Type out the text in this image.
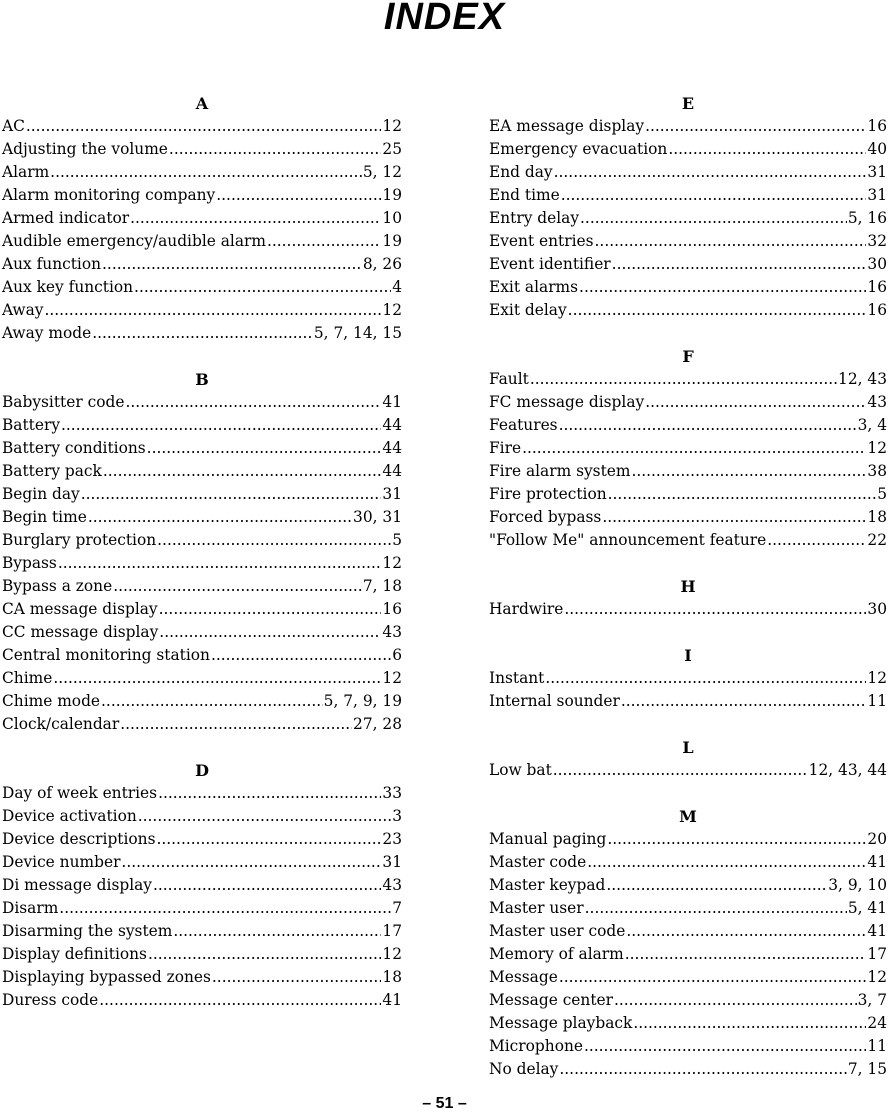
INDEX
A
AC .....	12
Adjusting the volume .....	25
Alarm .....	5, 12
Alarm monitoring company .....	19
Armed indicator .....	10
Audible emergency/audible alarm .....	19
Aux function .....	8, 26
Aux key function .....	4
Away .....	12
Away mode .....	5, 7, 14, 15
B
Babysitter code .....	41
Battery .....	44
Battery conditions .....	44
Battery pack .....	44
Begin day .....	31
Begin time .....	30, 31
Burglary protection .....	5
Bypass .....	12
Bypass a zone .....	7, 18
CA message display .....	16
CC message display .....	43
Central monitoring station .....	6
Chime .....	12
Chime mode .....	5, 7, 9, 19
Clock/calendar .....	27, 28
D
Day of week entries .....	33
Device activation .....	3
Device descriptions .....	23
Device number .....	31
Di message display .....	43
Disarm .....	7
Disarming the system .....	17
Display definitions .....	12
Displaying bypassed zones .....	18
Duress code .....	41
E
EA message display .....	16
Emergency evacuation .....	40
End day .....	31
End time .....	31
Entry delay .....	5, 16
Event entries .....	32
Event identifier .....	30
Exit alarms .....	16
Exit delay .....	16
F
Fault .....	12, 43
FC message display .....	43
Features .....	3, 4
Fire .....	12
Fire alarm system .....	38
Fire protection .....	5
Forced bypass .....	18
"Follow Me" announcement feature .....	22
H
Hardwire .....	30
I
Instant .....	12
Internal sounder .....	11
L
Low bat .....	12, 43, 44
M
Manual paging .....	20
Master code .....	41
Master keypad .....	3, 9, 10
Master user .....	5, 41
Master user code .....	41
Memory of alarm .....	17
Message .....	12
Message center .....	3, 7
Message playback .....	24
Microphone .....	11
No delay .....	7, 15
– 51 –
